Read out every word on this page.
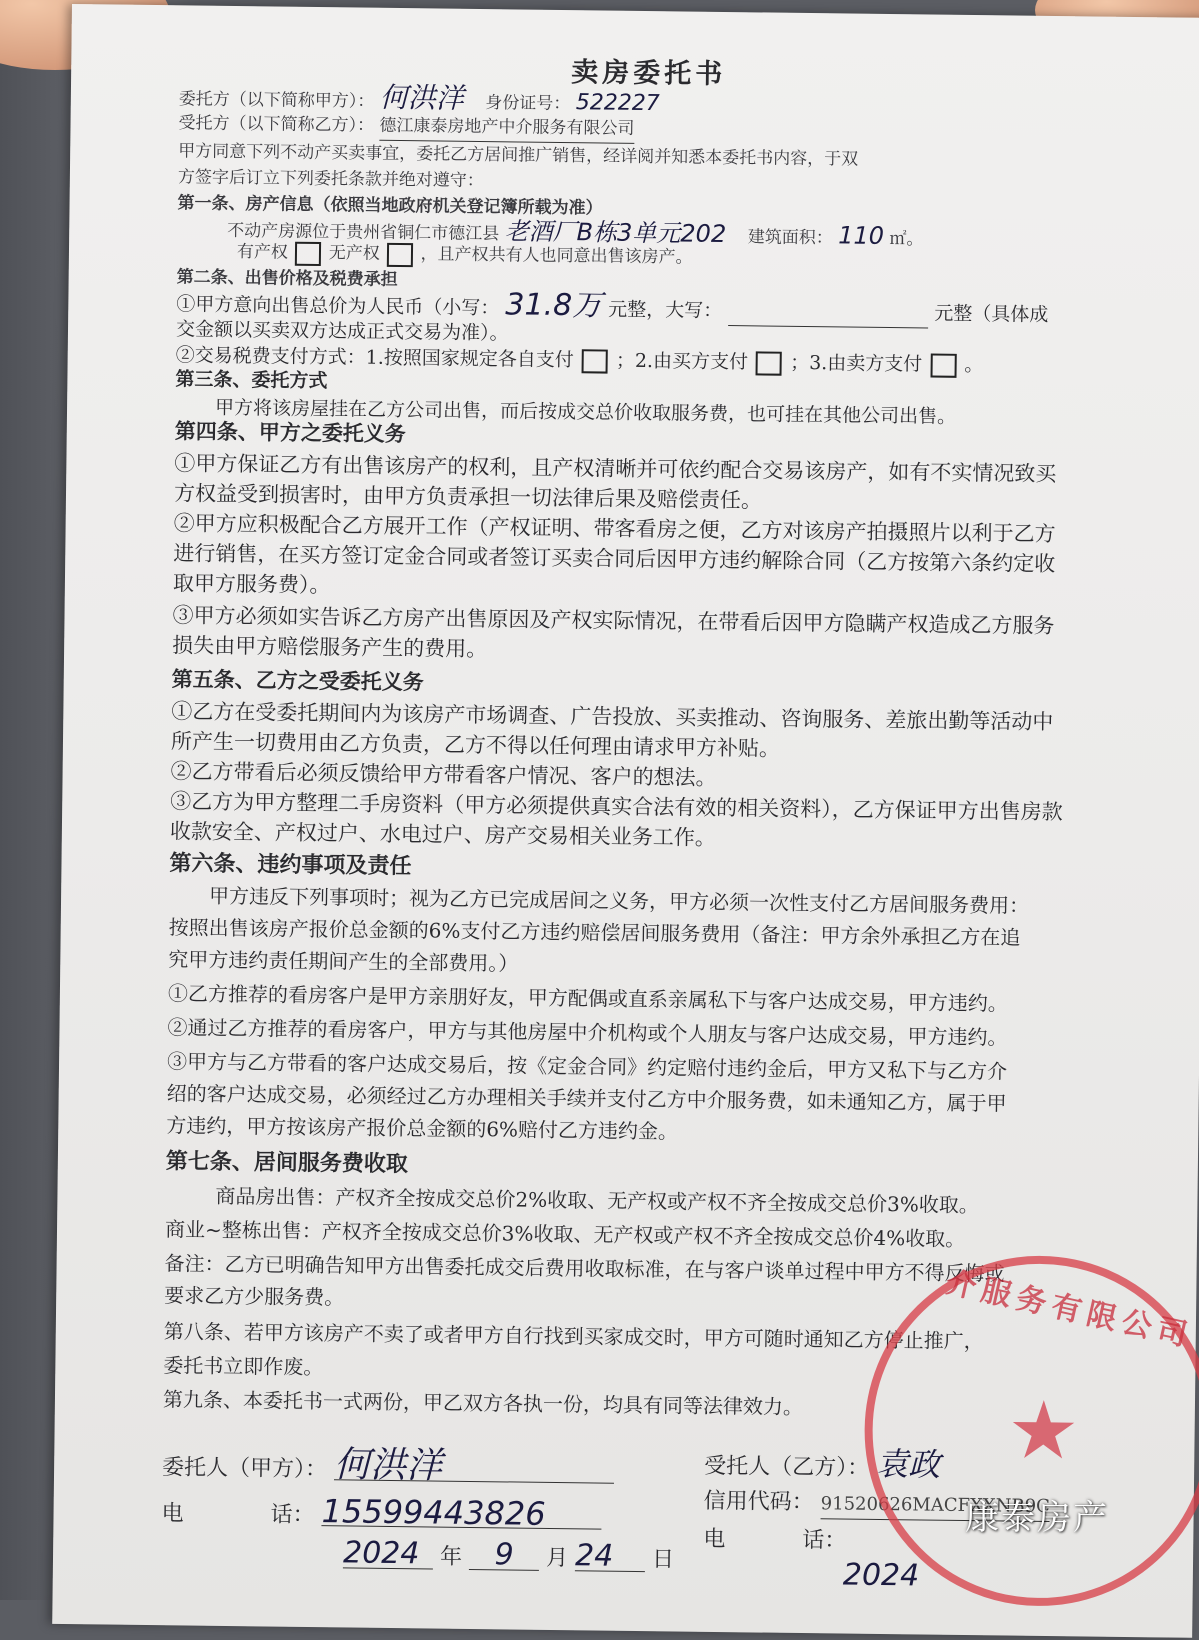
卖房委托书
委托方（以下简称甲方）： 何洪洋 身份证号： 522227
受托方（以下简称乙方）： 德江康泰房地产中介服务有限公司
甲方同意下列不动产买卖事宜，委托乙方居间推广销售，经详阅并知悉本委托书内容，于双
方签字后订立下列委托条款并绝对遵守：
第一条、房产信息（依照当地政府机关登记簿所载为准）
不动产房源位于贵州省铜仁市德江县 老酒厂B栋3单元202 建筑面积： 110 ㎡。
有产权 无产权 ，且产权共有人也同意出售该房产。
第二条、出售价格及税费承担
①甲方意向出售总价为人民币（小写： 31.8万 元整，大写：	元整（具体成
交金额以买卖双方达成正式交易为准）。
②交易税费支付方式：1.按照国家规定各自支付 ；2.由买方支付 ；3.由卖方支付 。
第三条、委托方式
甲方将该房屋挂在乙方公司出售，而后按成交总价收取服务费，也可挂在其他公司出售。
第四条、甲方之委托义务
①甲方保证乙方有出售该房产的权利，且产权清晰并可依约配合交易该房产，如有不实情况致买
方权益受到损害时，由甲方负责承担一切法律后果及赔偿责任。
②甲方应积极配合乙方展开工作（产权证明、带客看房之便，乙方对该房产拍摄照片以利于乙方
进行销售，在买方签订定金合同或者签订买卖合同后因甲方违约解除合同（乙方按第六条约定收
取甲方服务费）。
③甲方必须如实告诉乙方房产出售原因及产权实际情况，在带看后因甲方隐瞒产权造成乙方服务
损失由甲方赔偿服务产生的费用。
第五条、乙方之受委托义务
①乙方在受委托期间内为该房产市场调查、广告投放、买卖推动、咨询服务、差旅出勤等活动中
所产生一切费用由乙方负责，乙方不得以任何理由请求甲方补贴。
②乙方带看后必须反馈给甲方带看客户情况、客户的想法。
③乙方为甲方整理二手房资料（甲方必须提供真实合法有效的相关资料），乙方保证甲方出售房款
收款安全、产权过户、水电过户、房产交易相关业务工作。
第六条、违约事项及责任
甲方违反下列事项时；视为乙方已完成居间之义务，甲方必须一次性支付乙方居间服务费用：
按照出售该房产报价总金额的6%支付乙方违约赔偿居间服务费用（备注：甲方余外承担乙方在追
究甲方违约责任期间产生的全部费用。）
①乙方推荐的看房客户是甲方亲朋好友，甲方配偶或直系亲属私下与客户达成交易，甲方违约。
②通过乙方推荐的看房客户，甲方与其他房屋中介机构或个人朋友与客户达成交易，甲方违约。
③甲方与乙方带看的客户达成交易后，按《定金合同》约定赔付违约金后，甲方又私下与乙方介
绍的客户达成交易，必须经过乙方办理相关手续并支付乙方中介服务费，如未通知乙方，属于甲
方违约，甲方按该房产报价总金额的6%赔付乙方违约金。
第七条、居间服务费收取
商品房出售：产权齐全按成交总价2%收取、无产权或产权不齐全按成交总价3%收取。
商业~整栋出售：产权齐全按成交总价3%收取、无产权或产权不齐全按成交总价4%收取。
备注：乙方已明确告知甲方出售委托成交后费用收取标准，在与客户谈单过程中甲方不得反悔或
要求乙方少服务费。
第八条、若甲方该房产不卖了或者甲方自行找到买家成交时，甲方可随时通知乙方停止推广，
委托书立即作废。
第九条、本委托书一式两份，甲乙双方各执一份，均具有同等法律效力。
委托人（甲方）： 何洪洋
电	话： 15599443826
2024 年 9 月 24 日
受托人（乙方）： 袁政
信用代码： 91520626MACFXXNB9C
电	话：
2024
介服务有限公司
★
康泰房产
